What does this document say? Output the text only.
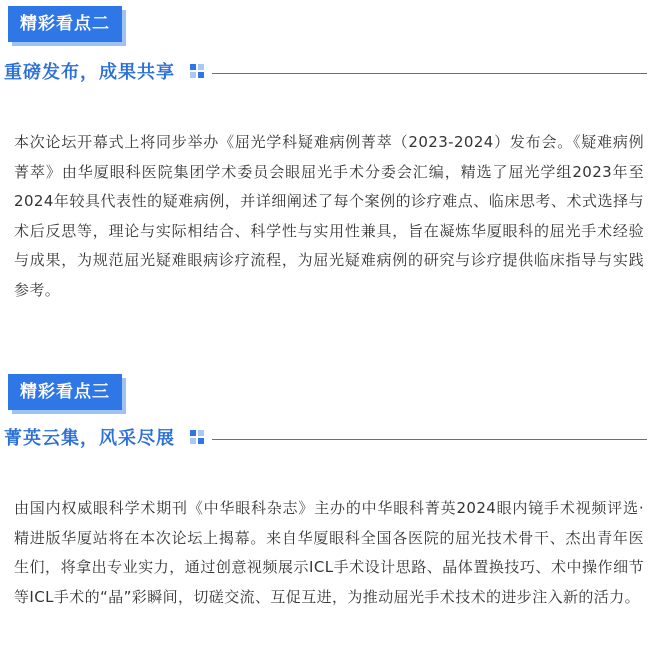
精彩看点二
重磅发布，成果共享

本次论坛开幕式上将同步举办《屈光学科疑难病例菁萃（2023-2024）发布会。《疑难病例菁萃》由华厦眼科医院集团学术委员会眼屈光手术分委会汇编，精选了屈光学组2023年至2024年较具代表性的疑难病例，并详细阐述了每个案例的诊疗难点、临床思考、术式选择与术后反思等，理论与实际相结合、科学性与实用性兼具，旨在凝炼华厦眼科的屈光手术经验与成果，为规范屈光疑难眼病诊疗流程，为屈光疑难病例的研究与诊疗提供临床指导与实践参考。

精彩看点三
菁英云集，风采尽展

由国内权威眼科学术期刊《中华眼科杂志》主办的中华眼科菁英2024眼内镜手术视频评选·精进版华厦站将在本次论坛上揭幕。来自华厦眼科全国各医院的屈光技术骨干、杰出青年医生们，将拿出专业实力，通过创意视频展示ICL手术设计思路、晶体置换技巧、术中操作细节等ICL手术的“晶”彩瞬间，切磋交流、互促互进，为推动屈光手术技术的进步注入新的活力。
